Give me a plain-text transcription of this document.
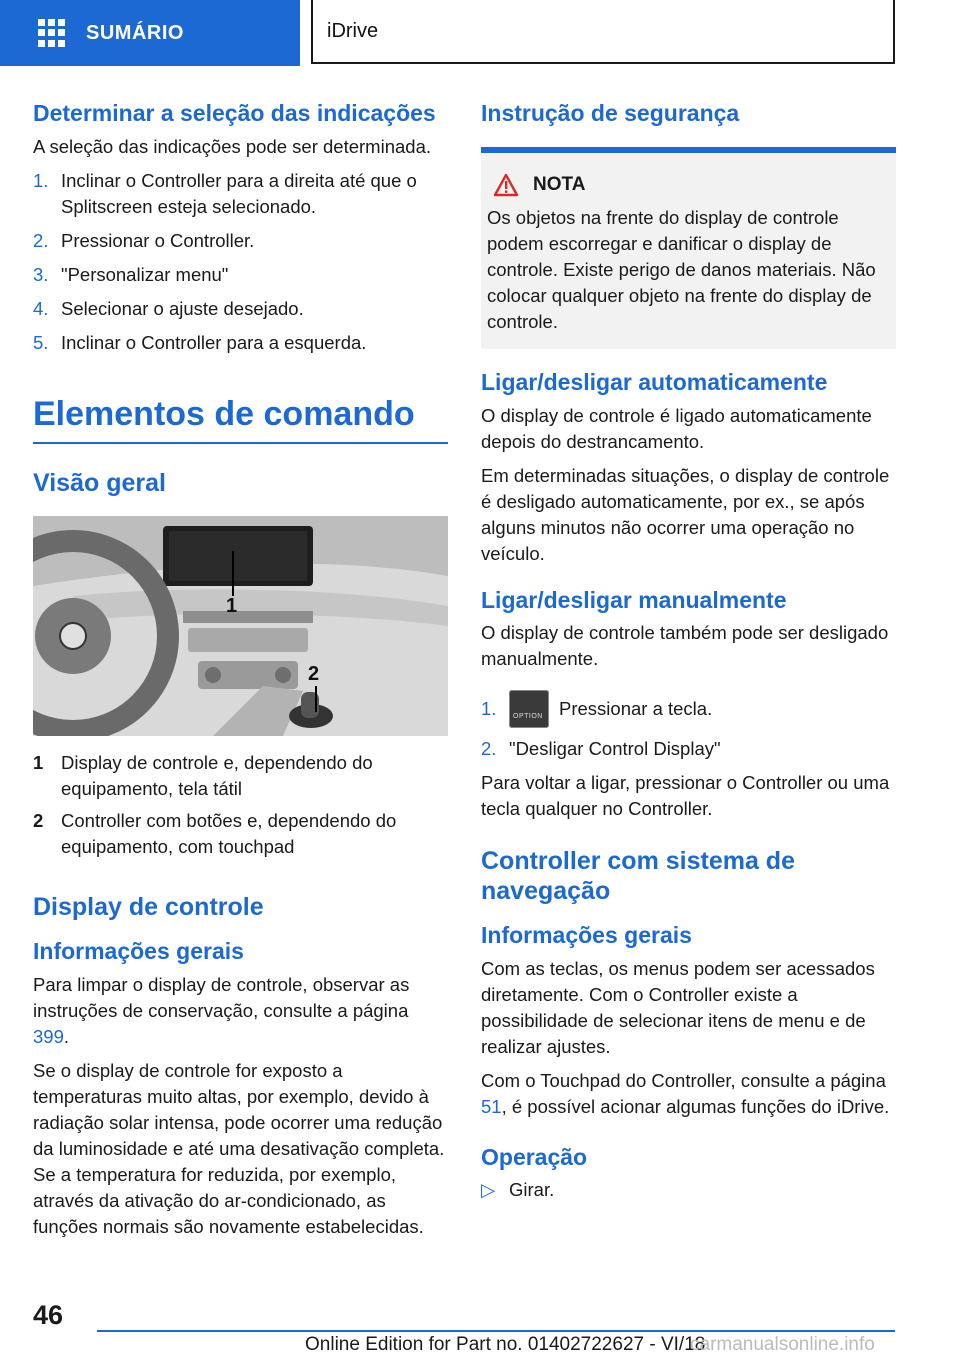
SUMÁRIO	iDrive
Determinar a seleção das indicações

A seleção das indicações pode ser determinada.

1. Inclinar o Controller para a direita até que o Splitscreen esteja selecionado.
2. Pressionar o Controller.
3. "Personalizar menu"
4. Selecionar o ajuste desejado.
5. Inclinar o Controller para a esquerda.
Elementos de comando
Visão geral
1
2
1 Display de controle e, dependendo do equipamento, tela tátil
2 Controller com botões e, dependendo do equipamento, com touchpad
Display de controle
Informações gerais

Para limpar o display de controle, observar as instruções de conservação, consulte a página 399.

Se o display de controle for exposto a temperaturas muito altas, por exemplo, devido à radiação solar intensa, pode ocorrer uma redução da luminosidade e até uma desativação completa. Se a temperatura for reduzida, por exemplo, através da ativação do ar-condicionado, as funções normais são novamente estabelecidas.

Instrução de segurança
NOTA

Os objetos na frente do display de controle podem escorregar e danificar o display de controle. Existe perigo de danos materiais. Não colocar qualquer objeto na frente do display de controle.

Ligar/desligar automaticamente

O display de controle é ligado automaticamente depois do destrancamento.

Em determinadas situações, o display de controle é desligado automaticamente, por ex., se após alguns minutos não ocorrer uma operação no veículo.

Ligar/desligar manualmente

O display de controle também pode ser desligado manualmente.

1.	OPTION Pressionar a tecla.
2. "Desligar Control Display"

Para voltar a ligar, pressionar o Controller ou uma tecla qualquer no Controller.

Controller com sistema de navegação
Informações gerais

Com as teclas, os menus podem ser acessados diretamente. Com o Controller existe a possibilidade de selecionar itens de menu e de realizar ajustes.

Com o Touchpad do Controller, consulte a página 51, é possível acionar algumas funções do iDrive.

Operação
▷ Girar.
46
Online Edition for Part no. 01402722627 - VI/18
carmanualsonline.info
